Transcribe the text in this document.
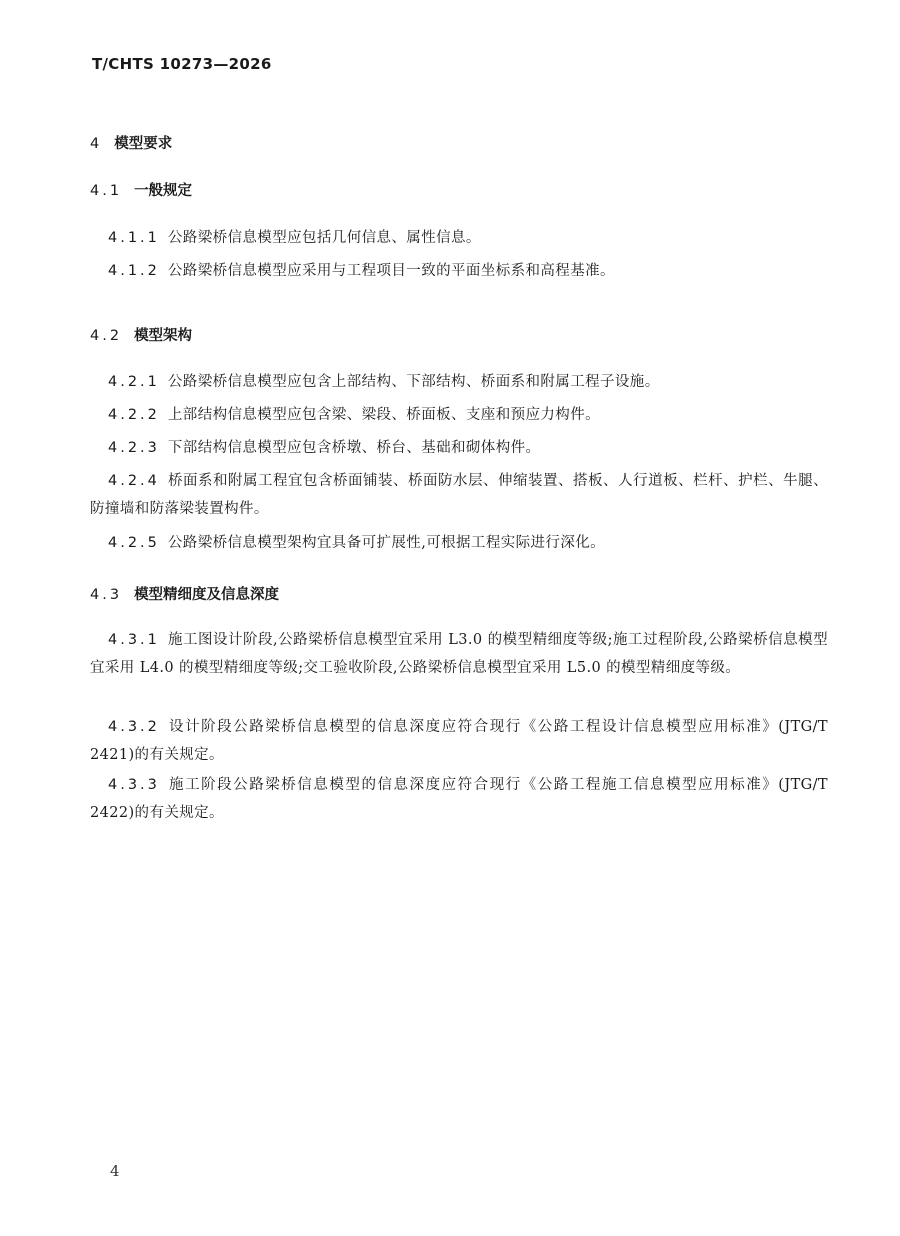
T/CHTS 10273—2026
4 模型要求
4.1 一般规定
4.1.1 公路梁桥信息模型应包括几何信息、属性信息。
4.1.2 公路梁桥信息模型应采用与工程项目一致的平面坐标系和高程基准。
4.2 模型架构
4.2.1 公路梁桥信息模型应包含上部结构、下部结构、桥面系和附属工程子设施。
4.2.2 上部结构信息模型应包含梁、梁段、桥面板、支座和预应力构件。
4.2.3 下部结构信息模型应包含桥墩、桥台、基础和砌体构件。
4.2.4 桥面系和附属工程宜包含桥面铺装、桥面防水层、伸缩装置、搭板、人行道板、栏杆、护栏、牛腿、防撞墙和防落梁装置构件。
4.2.5 公路梁桥信息模型架构宜具备可扩展性,可根据工程实际进行深化。
4.3 模型精细度及信息深度
4.3.1 施工图设计阶段,公路梁桥信息模型宜采用 L3.0 的模型精细度等级;施工过程阶段,公路梁桥信息模型宜采用 L4.0 的模型精细度等级;交工验收阶段,公路梁桥信息模型宜采用 L5.0 的模型精细度等级。
4.3.2 设计阶段公路梁桥信息模型的信息深度应符合现行《公路工程设计信息模型应用标准》(JTG/T 2421)的有关规定。
4.3.3 施工阶段公路梁桥信息模型的信息深度应符合现行《公路工程施工信息模型应用标准》(JTG/T 2422)的有关规定。
4
